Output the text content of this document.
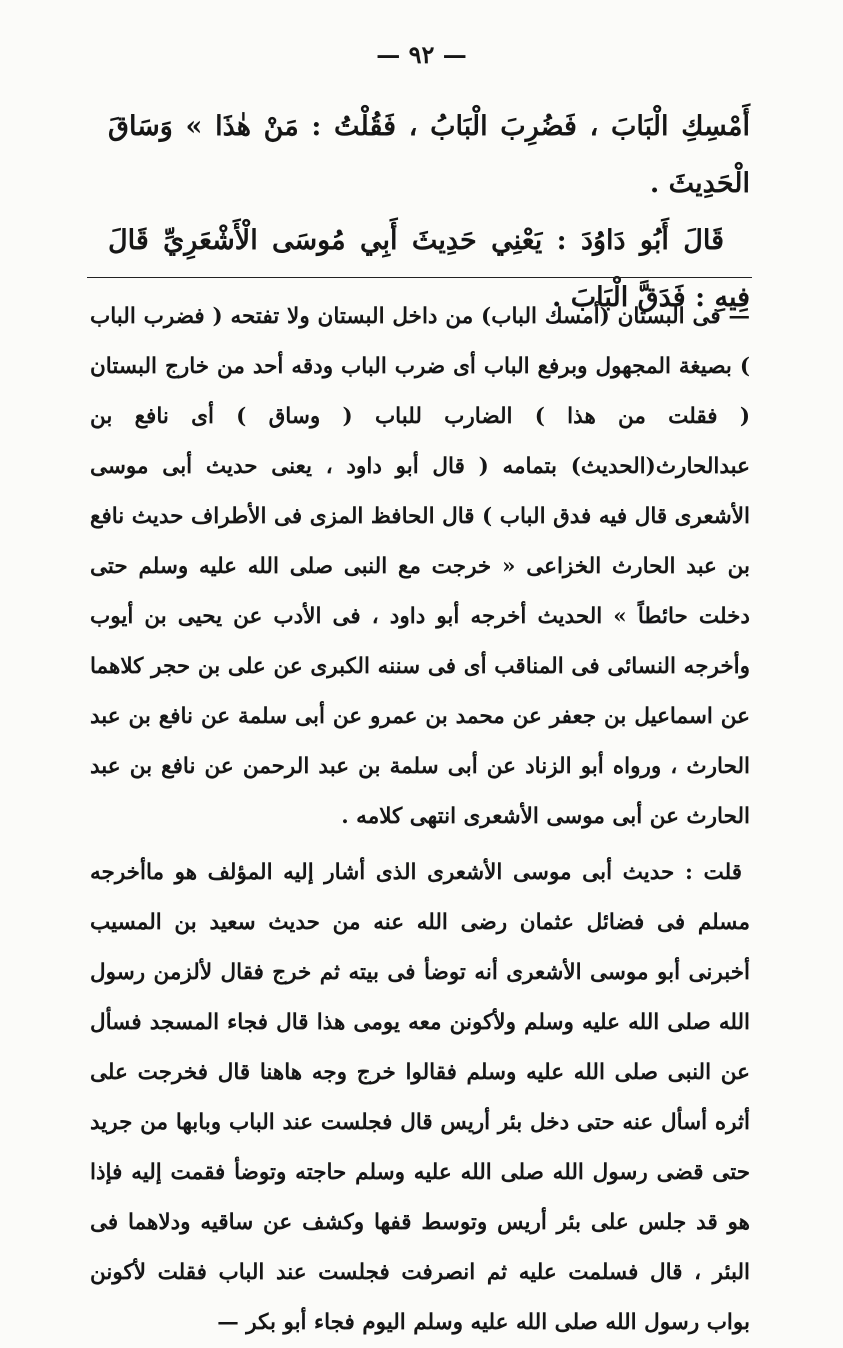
— ٩٢ —

أَمْسِكِ الْبَابَ ، فَضُرِبَ الْبَابُ ، فَقُلْتُ : مَنْ هٰذَا » وَسَاقَ الْحَدِيثَ .

قَالَ أَبُو دَاوُدَ : يَعْنِي حَدِيثَ أَبِي مُوسَى الْأَشْعَرِيِّ قَالَ فِيهِ : فَدَقَّ الْبَابَ .

— فى البستان (أمسك الباب) من داخل البستان ولا تفتحه ( فضرب الباب ) بصيغة المجهول وبرفع الباب أى ضرب الباب ودقه أحد من خارج البستان ( فقلت من هذا ) الضارب للباب ( وساق ) أى نافع بن عبدالحارث(الحديث) بتمامه ( قال أبو داود ، يعنى حديث أبى موسى الأشعرى قال فيه فدق الباب ) قال الحافظ المزى فى الأطراف حديث نافع بن عبد الحارث الخزاعى « خرجت مع النبى صلى الله عليه وسلم حتى دخلت حائطاً » الحديث أخرجه أبو داود ، فى الأدب عن يحيى بن أيوب وأخرجه النسائى فى المناقب أى فى سننه الكبرى عن على بن حجر كلاهما عن اسماعيل بن جعفر عن محمد بن عمرو عن أبى سلمة عن نافع بن عبد الحارث ، ورواه أبو الزناد عن أبى سلمة بن عبد الرحمن عن نافع بن عبد الحارث عن أبى موسى الأشعرى انتهى كلامه .

قلت : حديث أبى موسى الأشعرى الذى أشار إليه المؤلف هو ماأخرجه مسلم فى فضائل عثمان رضى الله عنه من حديث سعيد بن المسيب أخبرنى أبو موسى الأشعرى أنه توضأ فى بيته ثم خرج فقال لألزمن رسول الله صلى الله عليه وسلم ولأكونن معه يومى هذا قال فجاء المسجد فسأل عن النبى صلى الله عليه وسلم فقالوا خرج وجه هاهنا قال فخرجت على أثره أسأل عنه حتى دخل بئر أريس قال فجلست عند الباب وبابها من جريد حتى قضى رسول الله صلى الله عليه وسلم حاجته وتوضأ فقمت إليه فإذا هو قد جلس على بئر أريس وتوسط قفها وكشف عن ساقيه ودلاهما فى البئر ، قال فسلمت عليه ثم انصرفت فجلست عند الباب فقلت لأكونن بواب رسول الله صلى الله عليه وسلم اليوم فجاء أبو بكر —
